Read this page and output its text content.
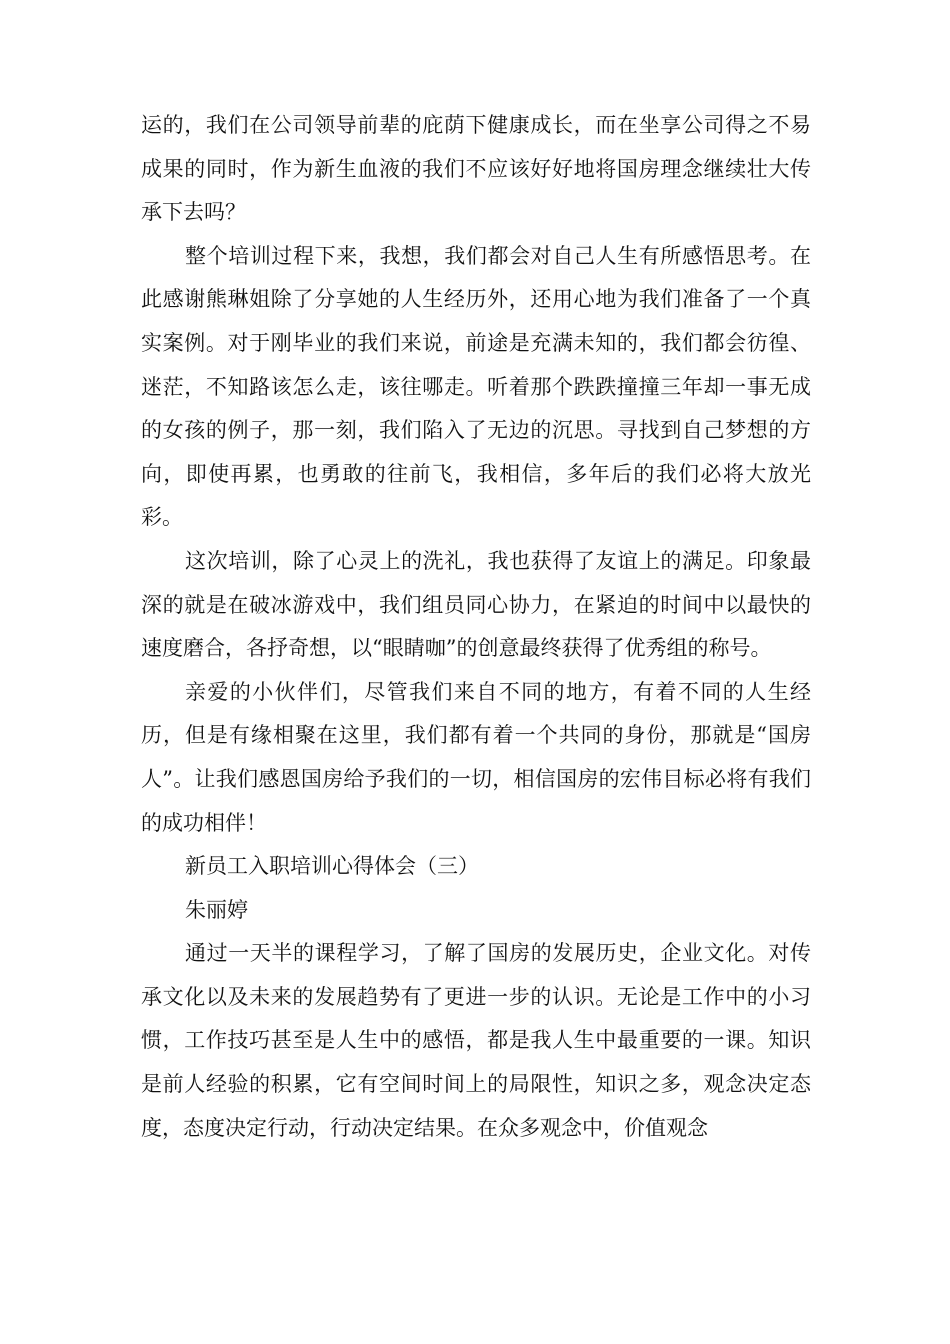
运的，我们在公司领导前辈的庇荫下健康成长，而在坐享公司得之不易成果的同时，作为新生血液的我们不应该好好地将国房理念继续壮大传承下去吗？

整个培训过程下来，我想，我们都会对自己人生有所感悟思考。在此感谢熊琳姐除了分享她的人生经历外，还用心地为我们准备了一个真实案例。对于刚毕业的我们来说，前途是充满未知的，我们都会彷徨、迷茫，不知路该怎么走，该往哪走。听着那个跌跌撞撞三年却一事无成的女孩的例子，那一刻，我们陷入了无边的沉思。寻找到自己梦想的方向，即使再累，也勇敢的往前飞，我相信，多年后的我们必将大放光彩。

这次培训，除了心灵上的洗礼，我也获得了友谊上的满足。印象最深的就是在破冰游戏中，我们组员同心协力，在紧迫的时间中以最快的速度磨合，各抒奇想，以“眼睛咖”的创意最终获得了优秀组的称号。

亲爱的小伙伴们，尽管我们来自不同的地方，有着不同的人生经历，但是有缘相聚在这里，我们都有着一个共同的身份，那就是“国房人”。让我们感恩国房给予我们的一切，相信国房的宏伟目标必将有我们的成功相伴！

新员工入职培训心得体会（三）

朱丽婷

通过一天半的课程学习，了解了国房的发展历史，企业文化。对传承文化以及未来的发展趋势有了更进一步的认识。无论是工作中的小习惯，工作技巧甚至是人生中的感悟，都是我人生中最重要的一课。知识是前人经验的积累，它有空间时间上的局限性，知识之多，观念决定态度，态度决定行动，行动决定结果。在众多观念中，价值观念
